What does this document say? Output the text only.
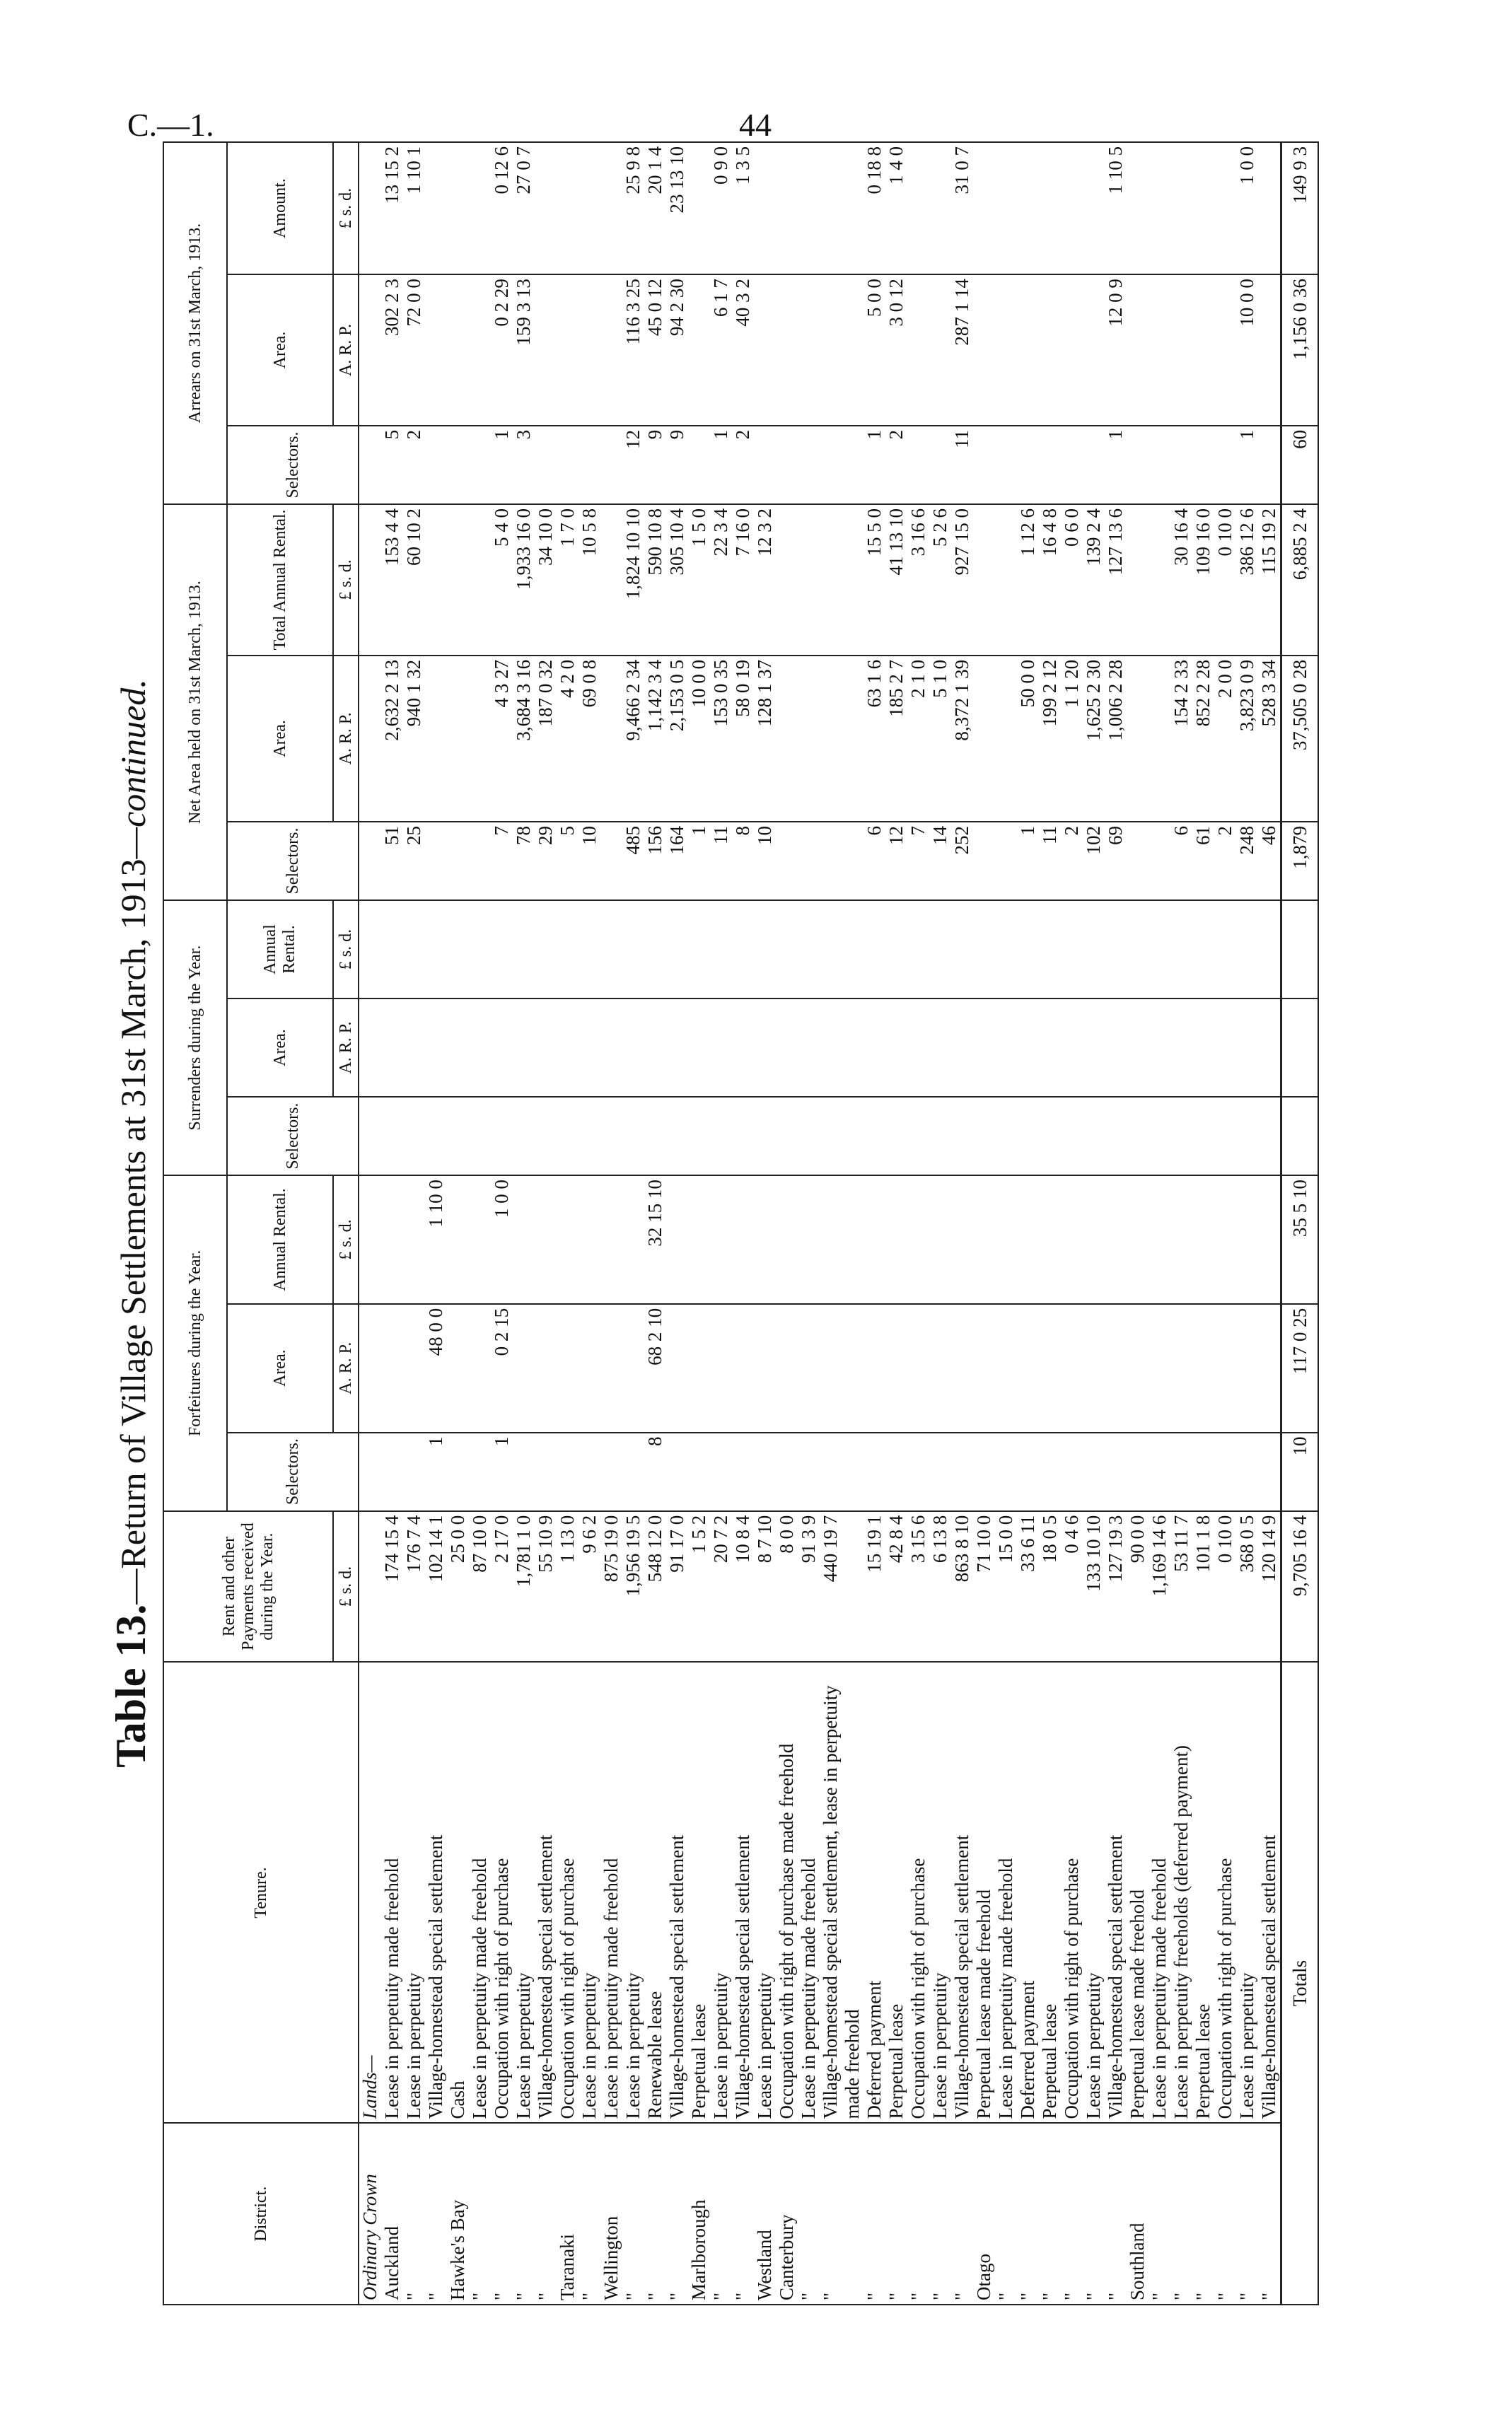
C.—1.	44
Table 13.—Return of Village Settlements at 31st March, 1913—continued.
District.	Tenure.	Rent and other Payments received during the Year.	Forfeitures during the Year.			Surrenders during the Year.			Net Area held on 31st March, 1913.			Arrears on 31st March, 1913.		
			Selectors.	Area.	Annual Rental.	Selectors.	Area.	Annual Rental.	Selectors.	Area.	Total Annual Rental.	Selectors.	Area.	Amount.
		£ s. d.		A. R. P.	£ s. d.		A. R. P.	£ s. d.		A. R. P.	£ s. d.		A. R. P.	£ s. d.
Ordinary Crown	Lands—													
Auckland	Lease in perpetuity made freehold	174 15 4							51	2,632 2 13	153 4 4	5	302 2 3	13 15 2
"	Lease in perpetuity	176 7 4							25	940 1 32	60 10 2	2	72 0 0	1 10 1
"	Village-homestead special settlement	102 14 1	1	48 0 0	1 10 0									
Hawke's Bay	Cash	25 0 0												
"	Lease in perpetuity made freehold	87 10 0												
"	Occupation with right of purchase	2 17 0	1	0 2 15	1 0 0				7	4 3 27	5 4 0	1	0 2 29	0 12 6
"	Lease in perpetuity	1,781 1 0							78	3,684 3 16	1,933 16 0	3	159 3 13	27 0 7
"	Village-homestead special settlement	55 10 9							29	187 0 32	34 10 0			
Taranaki	Occupation with right of purchase	1 13 0							5	4 2 0	1 7 0			
"	Lease in perpetuity	9 6 2							10	69 0 8	10 5 8			
Wellington	Lease in perpetuity made freehold	875 19 0												
"	Lease in perpetuity	1,956 19 5							485	9,466 2 34	1,824 10 10	12	116 3 25	25 9 8
"	Renewable lease	548 12 0	8	68 2 10	32 15 10				156	1,142 3 4	590 10 8	9	45 0 12	20 1 4
"	Village-homestead special settlement	91 17 0							164	2,153 0 5	305 10 4	9	94 2 30	23 13 10
Marlborough	Perpetual lease	1 5 2							1	10 0 0	1 5 0			
"	Lease in perpetuity	20 7 2							11	153 0 35	22 3 4	1	6 1 7	0 9 0
"	Village-homestead special settlement	10 8 4							8	58 0 19	7 16 0	2	40 3 2	1 3 5
Westland	Lease in perpetuity	8 7 10							10	128 1 37	12 3 2			
Canterbury	Occupation with right of purchase made freehold	8 0 0												
"	Lease in perpetuity made freehold	91 3 9												
"	Village-homestead special settlement, lease in perpetuity made freehold	440 19 7												
"	Deferred payment	15 19 1							6	63 1 6	15 5 0	1	5 0 0	0 18 8
"	Perpetual lease	42 8 4							12	185 2 7	41 13 10	2	3 0 12	1 4 0
"	Occupation with right of purchase	3 15 6							7	2 1 0	3 16 6			
"	Lease in perpetuity	6 13 8							14	5 1 0	5 2 6			
"	Village-homestead special settlement	863 8 10							252	8,372 1 39	927 15 0	11	287 1 14	31 0 7
Otago	Perpetual lease made freehold	71 10 0												
"	Lease in perpetuity made freehold	15 0 0												
"	Deferred payment	33 6 11							1	50 0 0	1 12 6			
"	Perpetual lease	18 0 5							11	199 2 12	16 4 8			
"	Occupation with right of purchase	0 4 6							2	1 1 20	0 6 0			
"	Lease in perpetuity	133 10 10							102	1,625 2 30	139 2 4			
"	Village-homestead special settlement	127 19 3							69	1,006 2 28	127 13 6	1	12 0 9	1 10 5
Southland	Perpetual lease made freehold	90 0 0												
"	Lease in perpetuity made freehold	1,169 14 6												
"	Lease in perpetuity freeholds (deferred payment)	53 11 7							6	154 2 33	30 16 4			
"	Perpetual lease	101 1 8							61	852 2 28	109 16 0			
"	Occupation with right of purchase	0 10 0							2	2 0 0	0 10 0			
"	Lease in perpetuity	368 0 5							248	3,823 0 9	386 12 6	1	10 0 0	1 0 0
"	Village-homestead special settlement	120 14 9							46	528 3 34	115 19 2			
Totals		9,705 16 4	10	117 0 25	35 5 10				1,879	37,505 0 28	6,885 2 4	60	1,156 0 36	149 9 3
